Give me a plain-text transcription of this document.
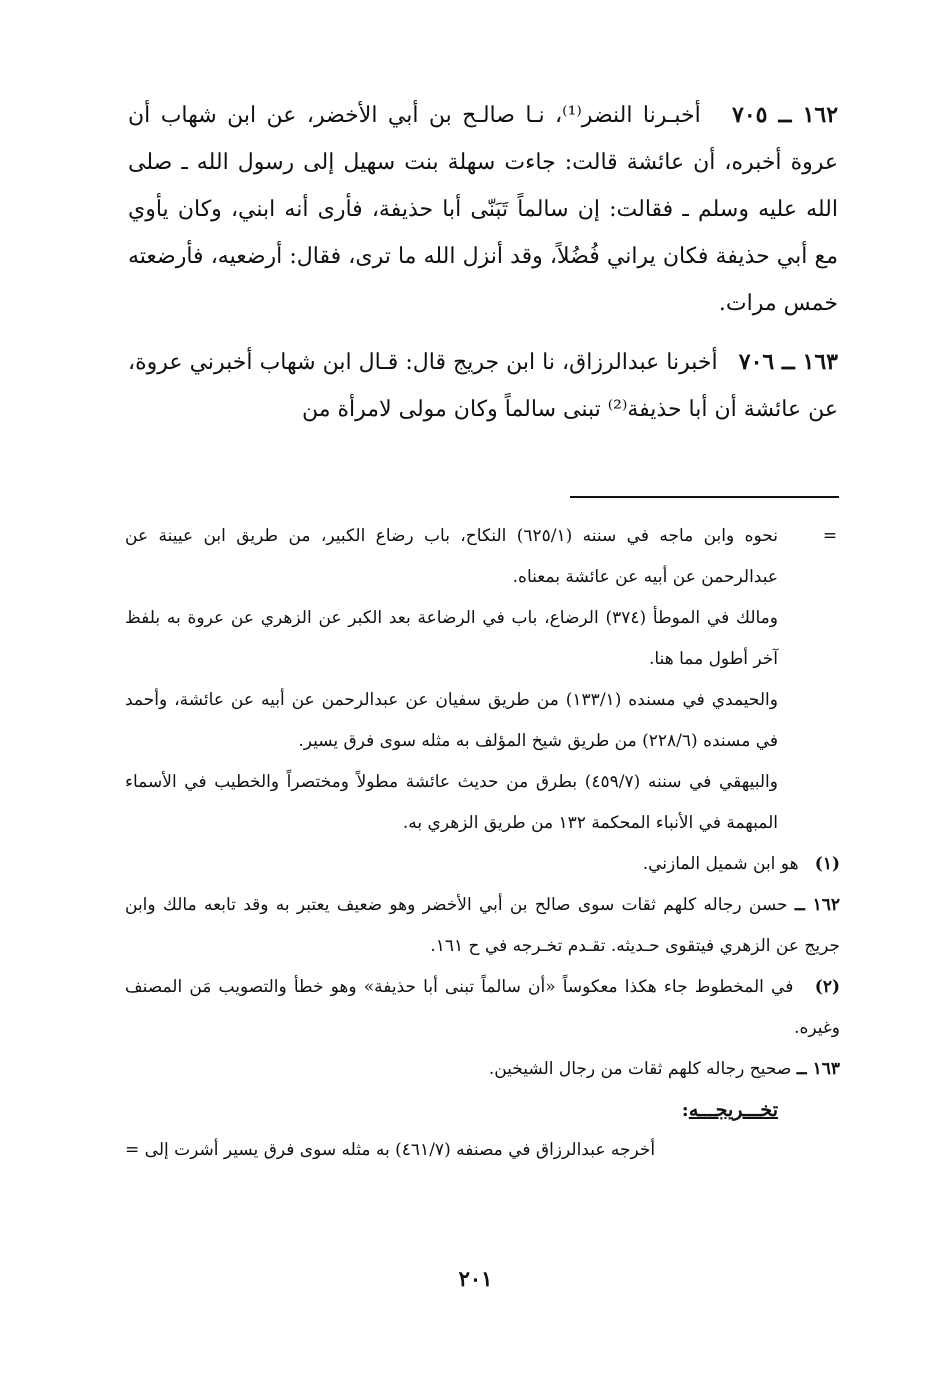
١٦٢ ــ ٧٠٥   أخبـرنا النضر⁽¹⁾، نـا صالـح بن أبي الأخضر، عن ابن شهاب أن عروة أخبره، أن عائشة قالت: جاءت سهلة بنت سهيل إلى رسول الله ـ صلى الله عليه وسلم ـ فقالت: إن سالماً تَبَنّى أبا حذيفة، فأرى أنه ابني، وكان يأوي مع أبي حذيفة فكان يراني فُضُلاً، وقد أنزل الله ما ترى، فقال: أرضعيه، فأرضعته خمس مرات.

١٦٣ ــ ٧٠٦   أخبرنا عبدالرزاق، نا ابن جريج قال: قـال ابن شهاب أخبرني عروة، عن عائشة أن أبا حذيفة⁽²⁾ تبنى سالماً وكان مولى لامرأة من

=
نحوه وابن ماجه في سننه (٦٢٥/١) النكاح، باب رضاع الكبير، من طريق ابن عيينة عن عبدالرحمن عن أبيه عن عائشة بمعناه.

ومالك في الموطأ (٣٧٤) الرضاع، باب في الرضاعة بعد الكبر عن الزهري عن عروة به بلفظ آخر أطول مما هنا.

والحيمدي في مسنده (١٣٣/١) من طريق سفيان عن عبدالرحمن عن أبيه عن عائشة، وأحمد في مسنده (٢٢٨/٦) من طريق شيخ المؤلف به مثله سوى فرق يسير.

والبيهقي في سننه (٤٥٩/٧) بطرق من حديث عائشة مطولاً ومختصراً والخطيب في الأسماء المبهمة في الأنباء المحكمة ١٣٢ من طريق الزهري به.

(١)   هو ابن شميل المازني.

١٦٢ ــ حسن رجاله كلهم ثقات سوى صالح بن أبي الأخضر وهو ضعيف يعتبر به وقد تابعه مالك وابن جريج عن الزهري فيتقوى حـديثه. تقـدم تخـرجه في ح ١٦١.

(٢)   في المخطوط جاء هكذا معكوساً «أن سالماً تبنى أبا حذيفة» وهو خطأ والتصويب مَن المصنف وغيره.

١٦٣ ــ صحيح رجاله كلهم ثقات من رجال الشيخين.

تخـــريجـــه:

أخرجه عبدالرزاق في مصنفه (٤٦١/٧) به مثله سوى فرق يسير أشرت إلى =

٢٠١
